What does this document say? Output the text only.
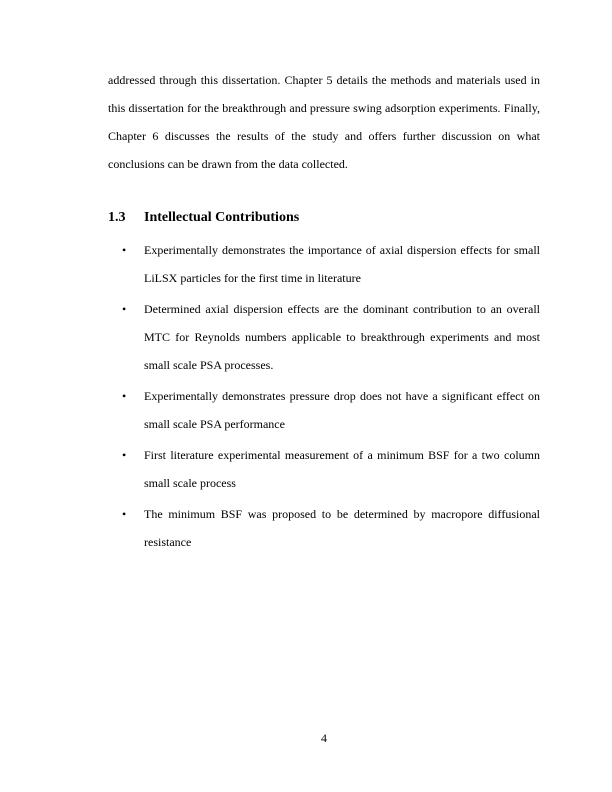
addressed through this dissertation. Chapter 5 details the methods and materials used in this dissertation for the breakthrough and pressure swing adsorption experiments. Finally, Chapter 6 discusses the results of the study and offers further discussion on what conclusions can be drawn from the data collected.

1.3 Intellectual Contributions
•	Experimentally demonstrates the importance of axial dispersion effects for small LiLSX particles for the first time in literature
•	Determined axial dispersion effects are the dominant contribution to an overall MTC for Reynolds numbers applicable to breakthrough experiments and most small scale PSA processes.
•	Experimentally demonstrates pressure drop does not have a significant effect on small scale PSA performance
•	First literature experimental measurement of a minimum BSF for a two column small scale process
•	The minimum BSF was proposed to be determined by macropore diffusional resistance

4
